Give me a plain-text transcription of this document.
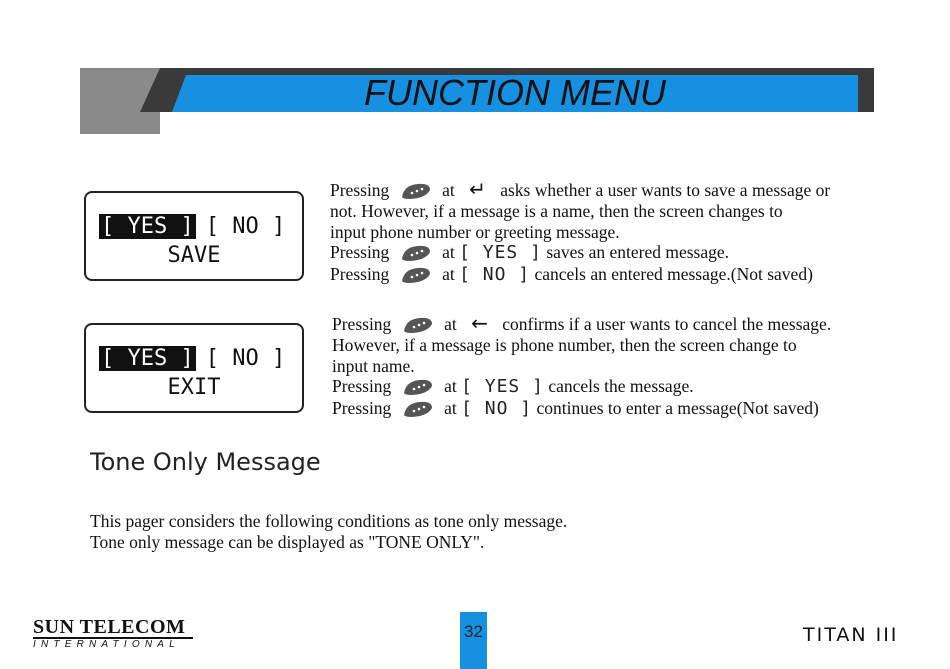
FUNCTION MENU
[ YES ] [ NO ]
SAVE
[ YES ] [ NO ]
EXIT
Pressing	at ↵ asks whether a user wants to save a message or
not. However, if a message is a name, then the screen changes to
input phone number or greeting message.
Pressing	at [ YES ] saves an entered message.
Pressing	at [ NO ] cancels an entered message.(Not saved)
Pressing	at ← confirms if a user wants to cancel the message.
However, if a message is phone number, then the screen change to
input name.
Pressing	at [ YES ] cancels the message.
Pressing	at [ NO ] continues to enter a message(Not saved)
Tone Only Message
This pager considers the following conditions as tone only message.
Tone only message can be displayed as "TONE ONLY".
SUN TELECOM
INTERNATIONAL
32	TITAN III
